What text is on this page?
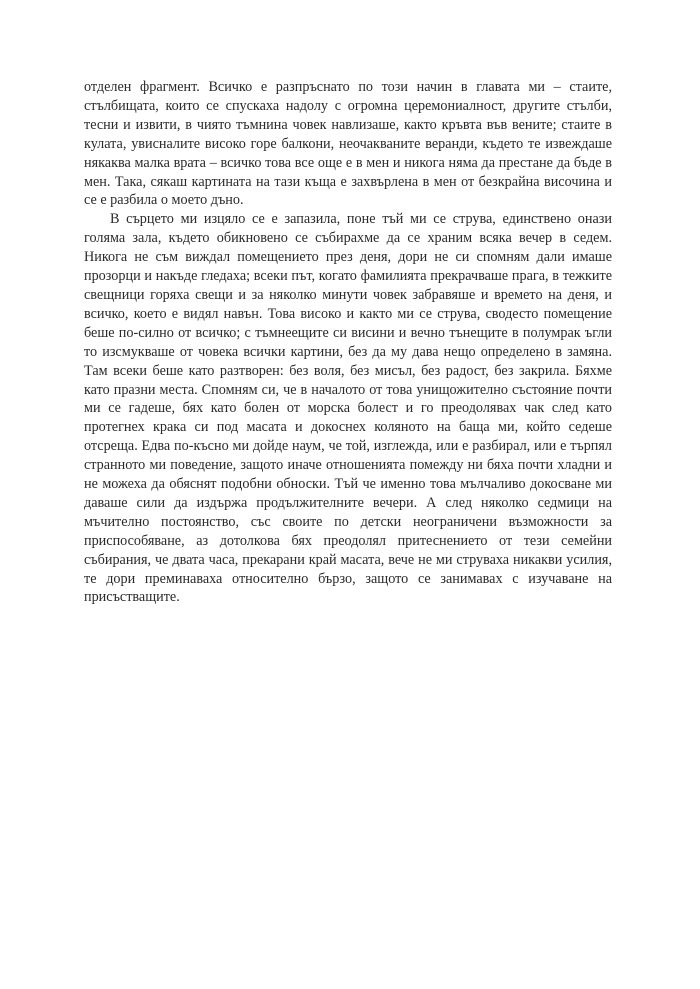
отделен фрагмент. Всичко е разпръснато по този начин в главата ми – стаите, стълбищата, които се спускаха надолу с огромна церемониалност, другите стълби, тесни и извити, в чиято тъмнина човек навлизаше, както кръвта във вените; стаите в кулата, увисналите високо горе балкони, неочакваните веранди, където те извеждаше някаква малка врата – всичко това все още е в мен и никога няма да престане да бъде в мен. Така, сякаш картината на тази къща е захвърлена в мен от безкрайна височина и се е разбила о моето дъно.

В сърцето ми изцяло се е запазила, поне тъй ми се струва, единствено онази голяма зала, където обикновено се събирахме да се храним всяка вечер в седем. Никога не съм виждал помещението през деня, дори не си спомням дали имаше прозорци и накъде гледаха; всеки път, когато фамилията прекрачваше прага, в тежките свещници горяха свещи и за няколко минути човек забравяше и времето на деня, и всичко, което е видял навън. Това високо и както ми се струва, сводесто помещение беше по-силно от всичко; с тъмнеещите си висини и вечно тънещите в полумрак ъгли то изсмукваше от човека всички картини, без да му дава нещо определено в замяна. Там всеки беше като разтворен: без воля, без мисъл, без радост, без закрила. Бяхме като празни места. Спомням си, че в началото от това унищожително състояние почти ми се гадеше, бях като болен от морска болест и го преодолявах чак след като протегнех крака си под масата и докоснех коляното на баща ми, който седеше отсреща. Едва по-късно ми дойде наум, че той, изглежда, или е разбирал, или е търпял странното ми поведение, защото иначе отношенията помежду ни бяха почти хладни и не можеха да обяснят подобни обноски. Тъй че именно това мълчаливо докосване ми даваше сили да издържа продължителните вечери. А след няколко седмици на мъчително постоянство, със своите по детски неограничени възможности за приспособяване, аз дотолкова бях преодолял притеснението от тези семейни събирания, че двата часа, прекарани край масата, вече не ми струваха никакви усилия, те дори преминаваха относително бързо, защото се занимавах с изучаване на присъстващите.
